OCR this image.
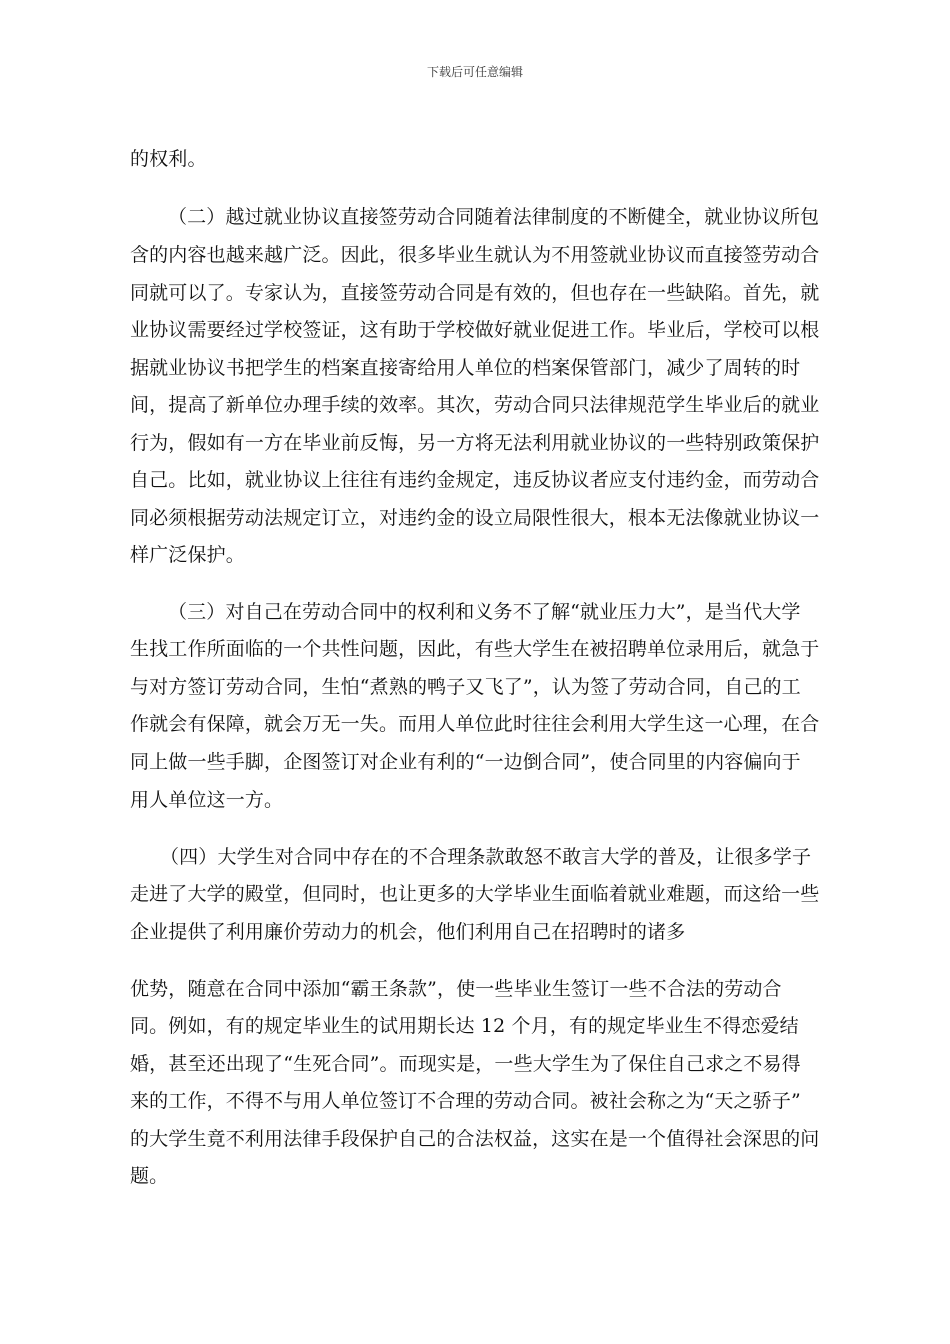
下载后可任意编辑
的权利。
（二）越过就业协议直接签劳动合同随着法律制度的不断健全，就业协议所包
含的内容也越来越广泛。因此，很多毕业生就认为不用签就业协议而直接签劳动合
同就可以了。专家认为，直接签劳动合同是有效的，但也存在一些缺陷。首先，就
业协议需要经过学校签证，这有助于学校做好就业促进工作。毕业后，学校可以根
据就业协议书把学生的档案直接寄给用人单位的档案保管部门，减少了周转的时
间，提高了新单位办理手续的效率。其次，劳动合同只法律规范学生毕业后的就业
行为，假如有一方在毕业前反悔，另一方将无法利用就业协议的一些特别政策保护
自己。比如，就业协议上往往有违约金规定，违反协议者应支付违约金，而劳动合
同必须根据劳动法规定订立，对违约金的设立局限性很大，根本无法像就业协议一
样广泛保护。
（三）对自己在劳动合同中的权利和义务不了解“就业压力大”，是当代大学
生找工作所面临的一个共性问题，因此，有些大学生在被招聘单位录用后，就急于
与对方签订劳动合同，生怕“煮熟的鸭子又飞了”，认为签了劳动合同，自己的工
作就会有保障，就会万无一失。而用人单位此时往往会利用大学生这一心理，在合
同上做一些手脚，企图签订对企业有利的“一边倒合同”，使合同里的内容偏向于
用人单位这一方。
（四）大学生对合同中存在的不合理条款敢怒不敢言大学的普及，让很多学子
走进了大学的殿堂，但同时，也让更多的大学毕业生面临着就业难题，而这给一些
企业提供了利用廉价劳动力的机会，他们利用自己在招聘时的诸多
优势，随意在合同中添加“霸王条款”，使一些毕业生签订一些不合法的劳动合
同。例如，有的规定毕业生的试用期长达 12 个月，有的规定毕业生不得恋爱结
婚，甚至还出现了“生死合同”。而现实是，一些大学生为了保住自己求之不易得
来的工作，不得不与用人单位签订不合理的劳动合同。被社会称之为“天之骄子”
的大学生竟不利用法律手段保护自己的合法权益，这实在是一个值得社会深思的问
题。
